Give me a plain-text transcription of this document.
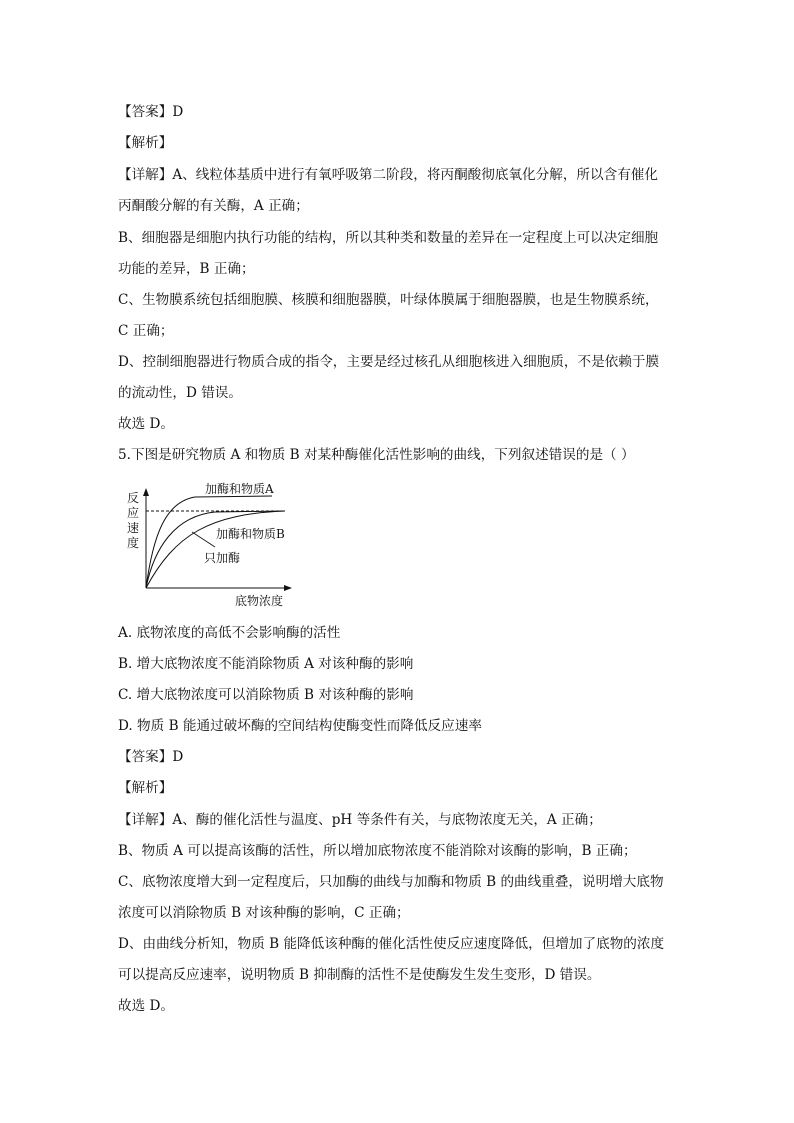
【答案】D
【解析】
【详解】A、线粒体基质中进行有氧呼吸第二阶段，将丙酮酸彻底氧化分解，所以含有催化
丙酮酸分解的有关酶，A 正确；
B、细胞器是细胞内执行功能的结构，所以其种类和数量的差异在一定程度上可以决定细胞
功能的差异，B 正确；
C、生物膜系统包括细胞膜、核膜和细胞器膜，叶绿体膜属于细胞器膜，也是生物膜系统，
C 正确；
D、控制细胞器进行物质合成的指令，主要是经过核孔从细胞核进入细胞质，不是依赖于膜
的流动性，D 错误。
故选 D。
5.下图是研究物质 A 和物质 B 对某种酶催化活性影响的曲线，下列叙述错误的是（ ）
反
应
速
度
加酶和物质A
加酶和物质B
只加酶
底物浓度
A. 底物浓度的高低不会影响酶的活性
B. 增大底物浓度不能消除物质 A 对该种酶的影响
C. 增大底物浓度可以消除物质 B 对该种酶的影响
D. 物质 B 能通过破坏酶的空间结构使酶变性而降低反应速率
【答案】D
【解析】
【详解】A、酶的催化活性与温度、pH 等条件有关，与底物浓度无关，A 正确；
B、物质 A 可以提高该酶的活性，所以增加底物浓度不能消除对该酶的影响，B 正确；
C、底物浓度增大到一定程度后，只加酶的曲线与加酶和物质 B 的曲线重叠，说明增大底物
浓度可以消除物质 B 对该种酶的影响，C 正确；
D、由曲线分析知，物质 B 能降低该种酶的催化活性使反应速度降低，但增加了底物的浓度
可以提高反应速率，说明物质 B 抑制酶的活性不是使酶发生发生变形，D 错误。
故选 D。
